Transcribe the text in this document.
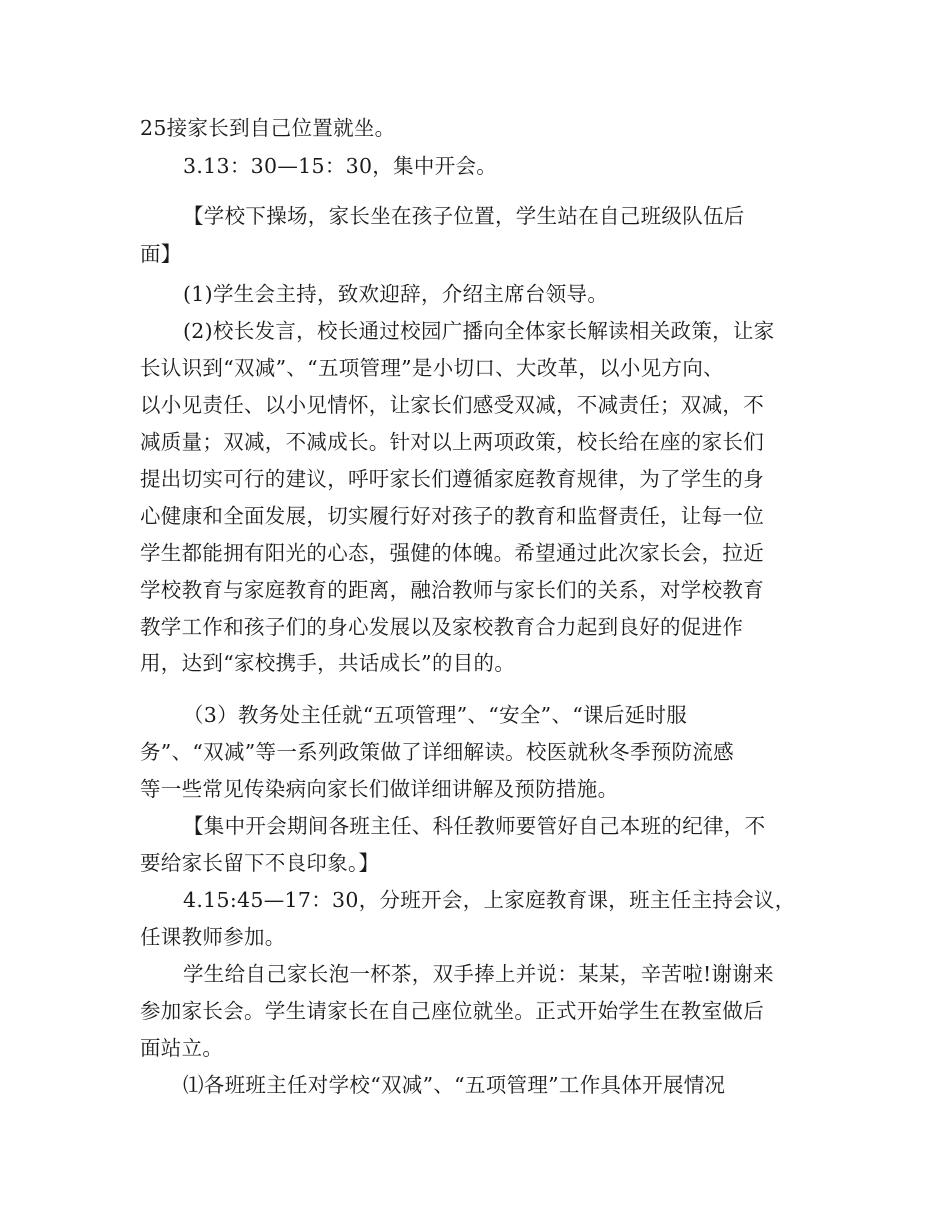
25接家长到自己位置就坐。
3.13：30—15：30，集中开会。
【学校下操场，家长坐在孩子位置，学生站在自己班级队伍后
面】
(1)学生会主持，致欢迎辞，介绍主席台领导。
(2)校长发言，校长通过校园广播向全体家长解读相关政策，让家
长认识到“双减”、“五项管理”是小切口、大改革，以小见方向、
以小见责任、以小见情怀，让家长们感受双减，不减责任；双减，不
减质量；双减，不减成长。针对以上两项政策，校长给在座的家长们
提出切实可行的建议，呼吁家长们遵循家庭教育规律，为了学生的身
心健康和全面发展，切实履行好对孩子的教育和监督责任，让每一位
学生都能拥有阳光的心态，强健的体魄。希望通过此次家长会，拉近
学校教育与家庭教育的距离，融洽教师与家长们的关系，对学校教育
教学工作和孩子们的身心发展以及家校教育合力起到良好的促进作
用，达到“家校携手，共话成长”的目的。
（3）教务处主任就“五项管理”、“安全”、“课后延时服
务”、“双减”等一系列政策做了详细解读。校医就秋冬季预防流感
等一些常见传染病向家长们做详细讲解及预防措施。
【集中开会期间各班主任、科任教师要管好自己本班的纪律，不
要给家长留下不良印象。】
4.15:45—17：30，分班开会，上家庭教育课，班主任主持会议，
任课教师参加。
学生给自己家长泡一杯茶，双手捧上并说：某某，辛苦啦!谢谢来
参加家长会。学生请家长在自己座位就坐。正式开始学生在教室做后
面站立。
⑴各班班主任对学校“双减”、“五项管理”工作具体开展情况
